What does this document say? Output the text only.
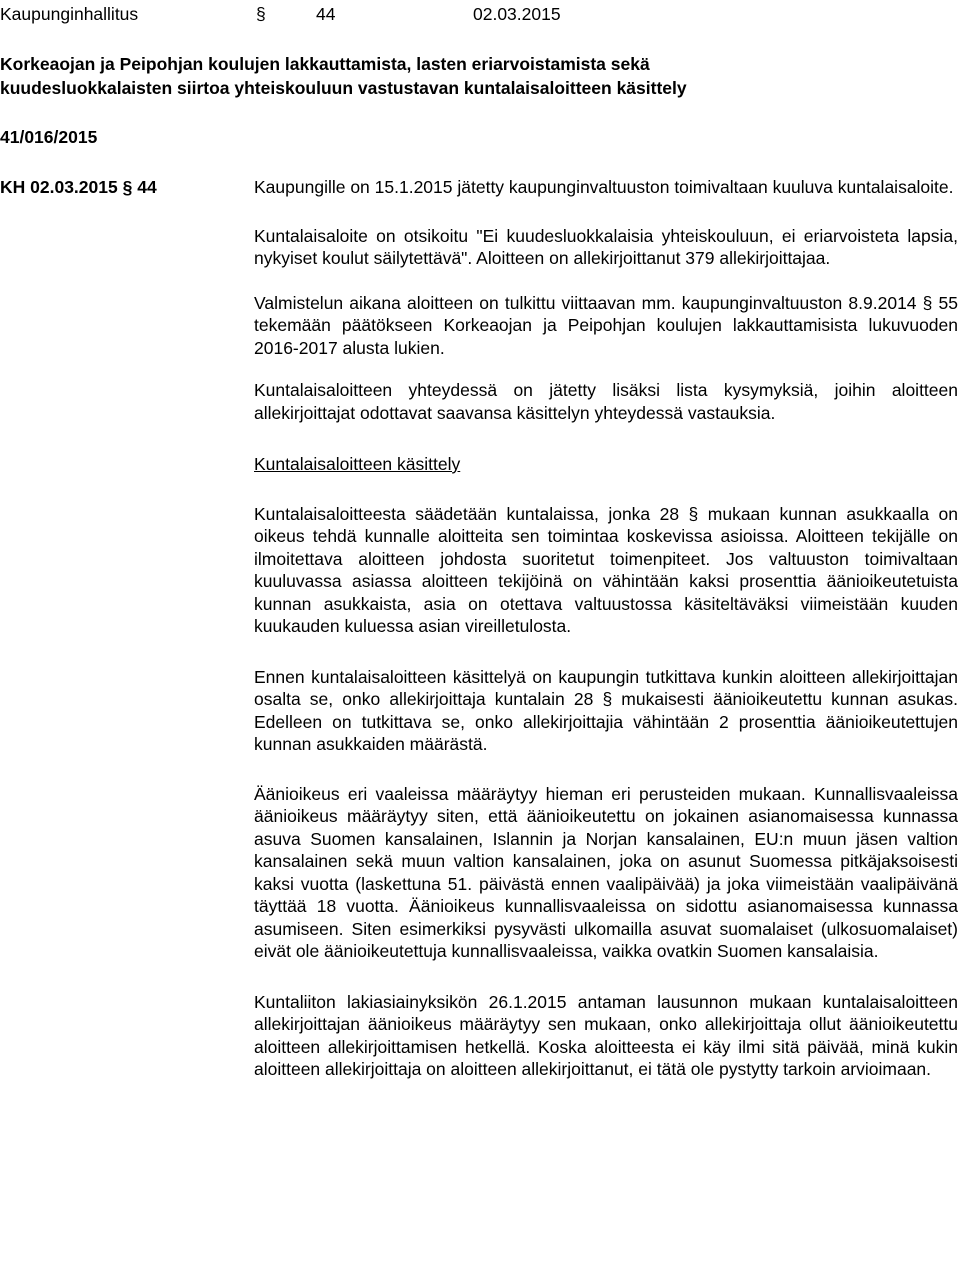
Kaupunginhallitus	§	44	02.03.2015
Korkeaojan ja Peipohjan koulujen lakkauttamista, lasten eriarvoistamista sekä
kuudesluokkalaisten siirtoa yhteiskouluun vastustavan kuntalaisaloitteen käsittely
41/016/2015
KH 02.03.2015 § 44	Kaupungille on 15.1.2015 jätetty kaupunginvaltuuston toimivaltaan kuuluva kuntalaisaloite.

Kuntalaisaloite on otsikoitu "Ei kuudesluokkalaisia yhteiskouluun, ei eriarvoisteta lapsia, nykyiset koulut säilytettävä". Aloitteen on allekirjoittanut 379 allekirjoittajaa.

Valmistelun aikana aloitteen on tulkittu viittaavan mm. kaupunginvaltuuston 8.9.2014 § 55 tekemään päätökseen Korkeaojan ja Peipohjan koulujen lakkauttamisista lukuvuoden 2016-2017 alusta lukien.

Kuntalaisaloitteen yhteydessä on jätetty lisäksi lista kysymyksiä, joihin aloitteen allekirjoittajat odottavat saavansa käsittelyn yhteydessä vastauksia.

Kuntalaisaloitteen käsittely

Kuntalaisaloitteesta säädetään kuntalaissa, jonka 28 § mukaan kunnan asukkaalla on oikeus tehdä kunnalle aloitteita sen toimintaa koskevissa asioissa. Aloitteen tekijälle on ilmoitettava aloitteen johdosta suoritetut toimenpiteet. Jos valtuuston toimivaltaan kuuluvassa asiassa aloitteen tekijöinä on vähintään kaksi prosenttia äänioikeutetuista kunnan asukkaista, asia on otettava valtuustossa käsiteltäväksi viimeistään kuuden kuukauden kuluessa asian vireilletulosta.

Ennen kuntalaisaloitteen käsittelyä on kaupungin tutkittava kunkin aloitteen allekirjoittajan osalta se, onko allekirjoittaja kuntalain 28 § mukaisesti äänioikeutettu kunnan asukas. Edelleen on tutkittava se, onko allekirjoittajia vähintään 2 prosenttia äänioikeutettujen kunnan asukkaiden määrästä.

Äänioikeus eri vaaleissa määräytyy hieman eri perusteiden mukaan. Kunnallisvaaleissa äänioikeus määräytyy siten, että äänioikeutettu on jokainen asianomaisessa kunnassa asuva Suomen kansalainen, Islannin ja Norjan kansalainen, EU:n muun jäsen valtion kansalainen sekä muun valtion kansalainen, joka on asunut Suomessa pitkäjaksoisesti kaksi vuotta (laskettuna 51. päivästä ennen vaalipäivää) ja joka viimeistään vaalipäivänä täyttää 18 vuotta. Äänioikeus kunnallisvaaleissa on sidottu asianomaisessa kunnassa asumiseen. Siten esimerkiksi pysyvästi ulkomailla asuvat suomalaiset (ulkosuomalaiset) eivät ole äänioikeutettuja kunnallisvaaleissa, vaikka ovatkin Suomen kansalaisia.

Kuntaliiton lakiasiainyksikön 26.1.2015 antaman lausunnon mukaan kuntalaisaloitteen allekirjoittajan äänioikeus määräytyy sen mukaan, onko allekirjoittaja ollut äänioikeutettu aloitteen allekirjoittamisen hetkellä. Koska aloitteesta ei käy ilmi sitä päivää, minä kukin aloitteen allekirjoittaja on aloitteen allekirjoittanut, ei tätä ole pystytty tarkoin arvioimaan.
